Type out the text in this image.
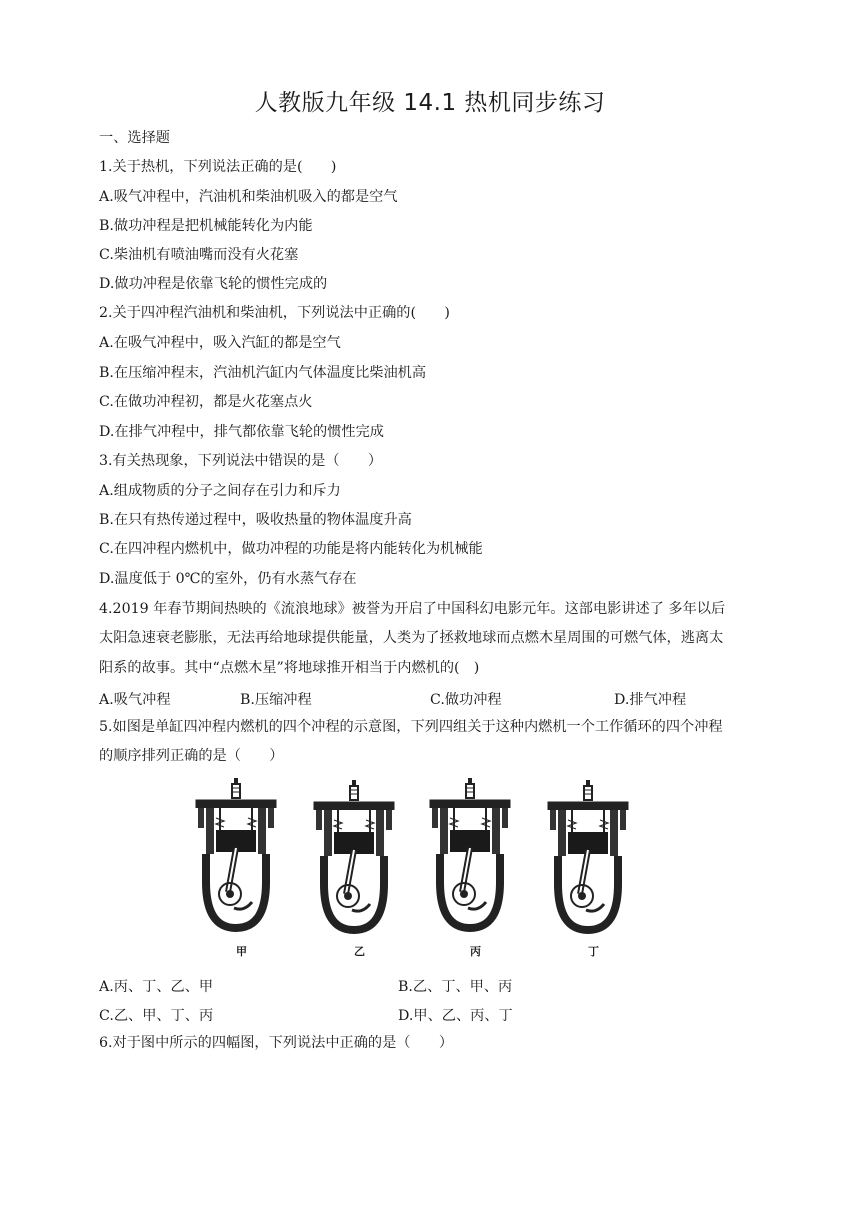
人教版九年级 14.1 热机同步练习
一、选择题
1.关于热机，下列说法正确的是(　　)
A.吸气冲程中，汽油机和柴油机吸入的都是空气
B.做功冲程是把机械能转化为内能
C.柴油机有喷油嘴而没有火花塞
D.做功冲程是依靠飞轮的惯性完成的
2.关于四冲程汽油机和柴油机，下列说法中正确的(　　)
A.在吸气冲程中，吸入汽缸的都是空气
B.在压缩冲程末，汽油机汽缸内气体温度比柴油机高
C.在做功冲程初，都是火花塞点火
D.在排气冲程中，排气都依靠飞轮的惯性完成
3.有关热现象，下列说法中错误的是（　　）
A.组成物质的分子之间存在引力和斥力
B.在只有热传递过程中，吸收热量的物体温度升高
C.在四冲程内燃机中，做功冲程的功能是将内能转化为机械能
D.温度低于 0℃的室外，仍有水蒸气存在
4.2019 年春节期间热映的《流浪地球》被誉为开启了中国科幻电影元年。这部电影讲述了 多年以后
太阳急速衰老膨胀，无法再给地球提供能量，人类为了拯救地球而点燃木星周围的可燃气体，逃离太
阳系的故事。其中“点燃木星”将地球推开相当于内燃机的(　)
A.吸气冲程	B.压缩冲程	C.做功冲程	D.排气冲程
5.如图是单缸四冲程内燃机的四个冲程的示意图，下列四组关于这种内燃机一个工作循环的四个冲程
的顺序排列正确的是（　　）
甲	乙	丙	丁
A.丙、丁、乙、甲	B.乙、丁、甲、丙
C.乙、甲、丁、丙	D.甲、乙、丙、丁
6.对于图中所示的四幅图，下列说法中正确的是（　　）
